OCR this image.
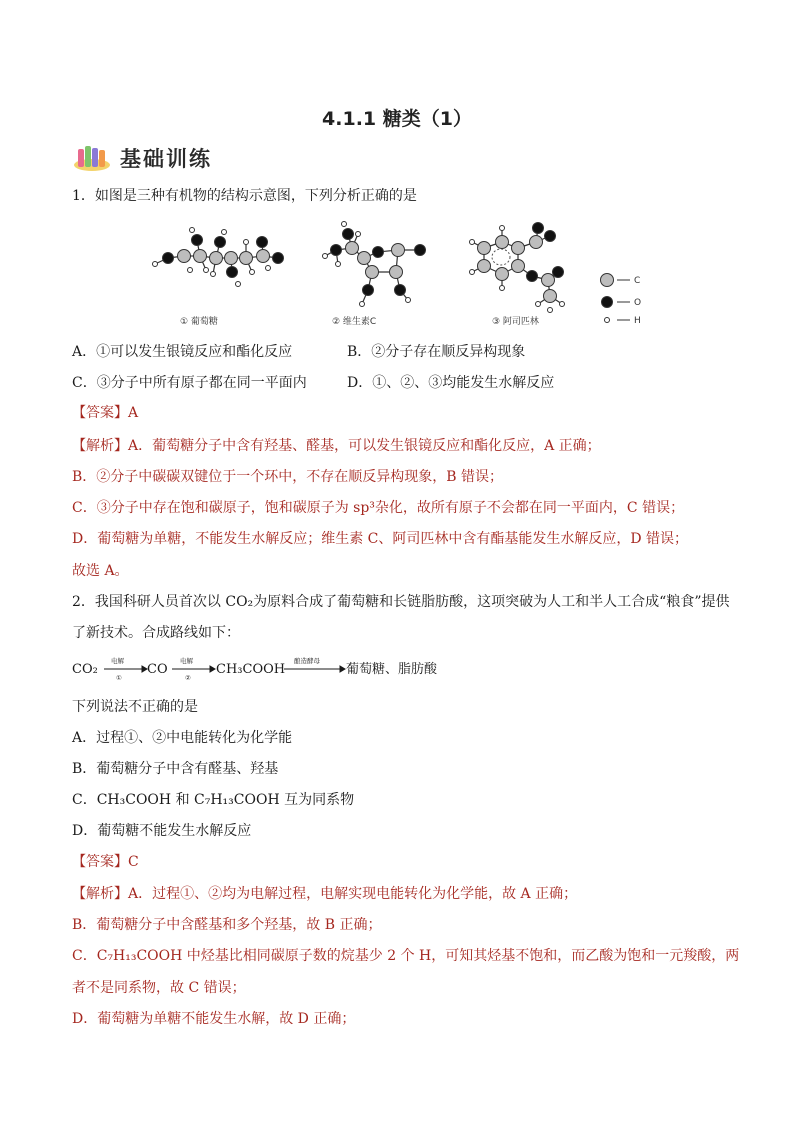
4.1.1 糖类（1）
基础训练
1．如图是三种有机物的结构示意图，下列分析正确的是
C
O
H
① 葡萄糖	② 维生素C	③ 阿司匹林
A．①可以发生银镜反应和酯化反应	B．②分子存在顺反异构现象
C．③分子中所有原子都在同一平面内	D．①、②、③均能发生水解反应
【答案】A
【解析】A．葡萄糖分子中含有羟基、醛基，可以发生银镜反应和酯化反应，A 正确；
B．②分子中碳碳双键位于一个环中，不存在顺反异构现象，B 错误；
C．③分子中存在饱和碳原子，饱和碳原子为 sp³杂化，故所有原子不会都在同一平面内，C 错误；
D．葡萄糖为单糖，不能发生水解反应；维生素 C、阿司匹林中含有酯基能发生水解反应，D 错误；
故选 A。
2．我国科研人员首次以 CO₂为原料合成了葡萄糖和长链脂肪酸，这项突破为人工和半人工合成“粮食”提供
了新技术。合成路线如下：
CO₂	CO	CH₃COOH	葡萄糖、脂肪酸
电解
①
电解
②
酿造酵母
下列说法不正确的是
A．过程①、②中电能转化为化学能
B．葡萄糖分子中含有醛基、羟基
C．CH₃COOH 和 C₇H₁₃COOH 互为同系物
D．葡萄糖不能发生水解反应
【答案】C
【解析】A．过程①、②均为电解过程，电解实现电能转化为化学能，故 A 正确；
B．葡萄糖分子中含醛基和多个羟基，故 B 正确；
C．C₇H₁₃COOH 中烃基比相同碳原子数的烷基少 2 个 H，可知其烃基不饱和，而乙酸为饱和一元羧酸，两
者不是同系物，故 C 错误；
D．葡萄糖为单糖不能发生水解，故 D 正确；
